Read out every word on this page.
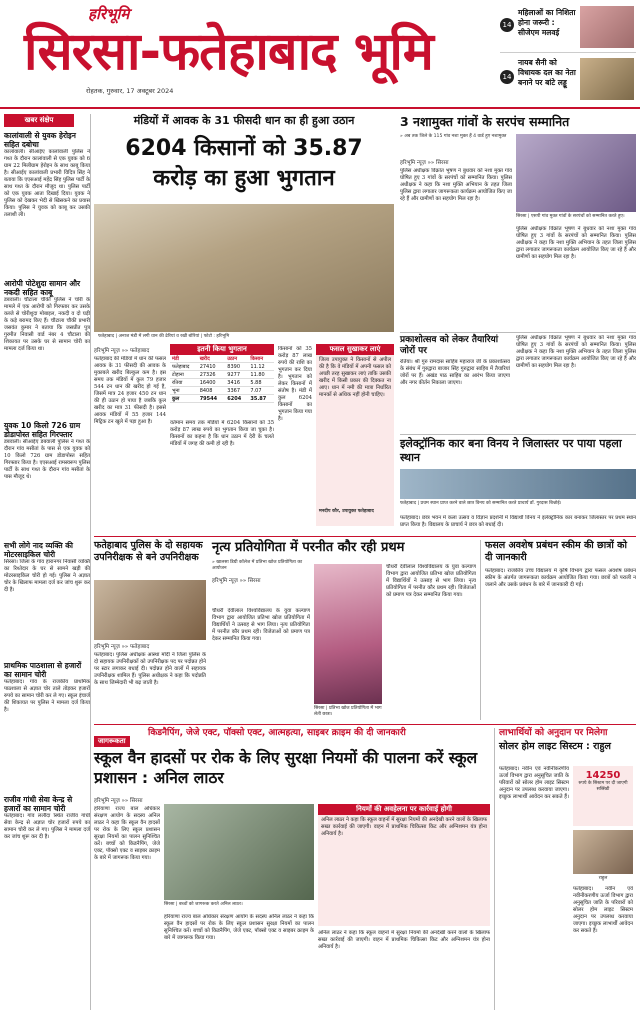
हरिभूमि
सिरसा-फतेहाबाद भूमि
रोहतक, गुरुवार, 17 अक्टूबर 2024
14
महिलाओं का निशिता होना जरूरी : सीजेएम मलवई
14
नायब सैनी को विधायक दल का नेता बनाने पर बांटे लड्डू
खबर संक्षेप
कालांवाली से युवक हेरोइन सहित दबोचा
कालांवाली। सीआईए कालांवाली पुलिस ने गश्त के दौरान कालांवाली से एक युवक को 6 ग्राम 22 मिलीग्राम हेरोइन के साथ काबू किया है। सीआईए कालांवाली प्रभारी विदित्र सिंह ने बताया कि एएसआई महेंद्र सिंह पुलिस पार्टी के साथ गश्त के दौरान मौजूद था। पुलिस पार्टी को एक युवक आता दिखाई दिया। युवक ने पुलिस को देखकर भेदी से खिसकने का प्रयास किया। पुलिस ने युवक को काबू कर उसकी तलाशी ली।
आरोपी पोटेशुदा सामान और नकदी सहित काबू
डबवाली। चौटाला चौकी पुलिस ने चोरी के मामले में एक आरोपी को गिरफ्तार कर उसके कब्जे से चोरीशुदा मोबाइल, नकदी व दो घड़ी के कड़े बरामद किए हैं। चौटाला चौकी प्रभारी जसवंत कुमार ने बताया कि जसप्रीत पुत्र गुरमीत निवासी वार्ड नंबर 4 चौटाला की शिकायत पर उसके घर से सामान चोरी का मामला दर्ज किया था।
युवक 10 किलो 726 ग्राम डोडापोस्त सहित गिरफ्तार
डबवाली। सीआईए डबवाली पुलिस ने गश्त के दौरान गांव मसीतां के पास से एक युवक को 10 किलो 726 ग्राम डोडापोस्त सहित गिरफ्तार किया है। एएसआई रामस्वरूप पुलिस पार्टी के साथ गश्त के दौरान गांव मसीतां के पास मौजूद थे।
सभी लोगे नाद व्यक्ति की मोटरसाइकिल चोरी
सिरसा। जिला के गांव हारानगर निवासी व्यक्ति का रिश्तेदार के घर से सामने खड़ी की मोटरसाइकिल चोरी हो गई। पुलिस ने अज्ञात चोर के खिलाफ मामला दर्ज कर जांच शुरू कर दी है।
प्राथमिक पाठशाला से हजारों का सामान चोरी
फतेहाबाद। गांव के राजकीय प्राथमिक पाठशाला से अज्ञात चोर ताले तोड़कर हजारों रुपये का सामान चोरी कर ले गए। स्कूल इंचार्ज की शिकायत पर पुलिस ने मामला दर्ज किया है।
राजीव गांधी सेवा केन्द्र से हजारों का सामान चोरी
फतेहाबाद। गांव ललौदा स्थित राजीव गांधी सेवा केन्द्र से अज्ञात चोर हजारों रुपये का सामान चोरी कर ले गए। पुलिस ने मामला दर्ज कर जांच शुरू कर दी है।
मंडियों में आवक के 31 फीसदी धान का ही हुआ उठान
6204 किसानों को 35.87 करोड़ का हुआ भुगतान
फतेहाबाद | अनाज मंडी में लगी धान की ढेरियां व रखी बोरियां | फोटो : हरिभूमि
हरिभूमि न्यूज़ »» फतेहाबाद
फतेहाबाद की मंडियों में धान की फसल आवक के 31 फीसदी की आवक के मुकाबले खरीद बिल्कुल कम है। इस समय तक मंडियों में कुल 79 हजार 544 टन धान की खरीद हो गई है, जिसमें मात्र 24 हजार 450 टन धान की ही उठान हो पाया है जबकि कुल खरीद का मात्र 31 फीसदी है। इससे आवक मंडियों में 55 हजार 144 मिट्रिक टन खुले में पड़ा हुआ है।
इतनी किया भुगतान
मंडी	खरीद	उठान	किसान
फतेहाबाद	27410	8390	11.12
टोहाना	27326	9277	11.80
रतिया	16400	3416	5.88
भूना	8408	3367	7.07
कुल	79544	6204	35.87
वर्तमान समय तक मंडियों में 6204 किसानों को 35 करोड़ 87 लाख रुपये का भुगतान किया जा चुका है। किसानों का कहना है कि धान उठान में देरी के चलते मंडियों में जगह की कमी हो रही है।
किसानों को 35 करोड़ 87 लाख रुपये की राशि का भुगतान कर दिया है। भुगतान को लेकर किसानों में संतोष है। मंडी में कुल 6204 किसानों का भुगतान किया गया है।
फसल सुखाकर लाएं
जिला उपायुक्त ने किसानों से अपील की है कि वे मंडियों में अपनी फसल को अच्छी तरह सुखाकर लाएं ताकि उसकी खरीद में किसी प्रकार की दिक्कत ना आए। धान में नमी की मात्रा निर्धारित मानकों से अधिक नहीं होनी चाहिए।
मनदीप कौर, उपायुक्त फतेहाबाद
3 नशामुक्त गांवों के सरपंच सम्मानित
» अब तक जिले के 115 गांव नशा मुक्त हैं 4 वार्ड हुए नशामुक्त
हरिभूमि न्यूज़ »» सिरसा
पुलिस अधीक्षक विक्रांत भूषण ने बुधवार को नशा मुक्त गांव घोषित हुए 3 गांवों के सरपंचों को सम्मानित किया। पुलिस अधीक्षक ने कहा कि नशा मुक्ति अभियान के तहत जिला पुलिस द्वारा लगातार जागरूकता कार्यक्रम आयोजित किए जा रहे हैं और ग्रामीणों का सहयोग मिल रहा है।
सिरसा | एसपी गांव मुक्त गांवों के सरपंचों को सम्मानित करते हुए।
पुलिस अधीक्षक विक्रांत भूषण ने बुधवार को नशा मुक्त गांव घोषित हुए 3 गांवों के सरपंचों को सम्मानित किया। पुलिस अधीक्षक ने कहा कि नशा मुक्ति अभियान के तहत जिला पुलिस द्वारा लगातार जागरूकता कार्यक्रम आयोजित किए जा रहे हैं और ग्रामीणों का सहयोग मिल रहा है।
प्रकाशोत्सव को लेकर तैयारियां जोरों पर
रतिया। श्री गुरु रामदास साहिब महाराज जी के प्रकाशोत्सव के संबंध में गुरुद्वारा बाजार सिंह गुरुद्वारा साहिब में तैयारियां जोरों पर हैं। अखंड पाठ साहिब का आरंभ किया जाएगा और नगर कीर्तन निकाला जाएगा।
पुलिस अधीक्षक विक्रांत भूषण ने बुधवार को नशा मुक्त गांव घोषित हुए 3 गांवों के सरपंचों को सम्मानित किया। पुलिस अधीक्षक ने कहा कि नशा मुक्ति अभियान के तहत जिला पुलिस द्वारा लगातार जागरूकता कार्यक्रम आयोजित किए जा रहे हैं और ग्रामीणों का सहयोग मिल रहा है।
इलेक्ट्रॉनिक कार बना विनय ने जिलास्तर पर पाया पहला स्थान
फतेहाबाद | प्रथम स्थान प्राप्त करने वाले छात्र विनय को सम्मानित करते प्राचार्य डॉ. गुरदास बिश्नोई।
फतेहाबाद। छात्र भवन में कला उत्सव व विज्ञान प्रदर्शनी में विद्यार्थी विनय ने इलेक्ट्रॉनिक कार बनाकर जिलास्तर पर प्रथम स्थान प्राप्त किया है। विद्यालय के प्राचार्य ने छात्र को बधाई दी।
फतेहाबाद पुलिस के दो सहायक उपनिरीक्षक से बने उपनिरीक्षक
हरिभूमि न्यूज़ »» फतेहाबाद
फतेहाबाद। पुलिस अधीक्षक आस्था मोदी ने जिला पुलिस के दो सहायक उपनिरीक्षकों को उपनिरीक्षक पद पर पदोन्नत होने पर स्टार लगाकर बधाई दी। पदोन्नत होने वालों में सहायक उपनिरीक्षक शामिल हैं। पुलिस अधीक्षक ने कहा कि पदोन्नति के साथ जिम्मेदारी भी बढ़ जाती है।
नृत्य प्रतियोगिता में परनीत कौर रही प्रथम
» खालसा डिग्री कॉलेज में प्रतिभा खोज प्रतियोगिता का आयोजन
हरिभूमि न्यूज़ »» सिरसा
चौधरी देवीलाल विश्वविद्यालय के युवा कल्याण विभाग द्वारा आयोजित प्रतिभा खोज प्रतियोगिता में विद्यार्थियों ने उत्साह से भाग लिया। नृत्य प्रतियोगिता में परनीत कौर प्रथम रही। विजेताओं को प्रमाण पत्र देकर सम्मानित किया गया।
सिरसा | प्रतिभा खोज प्रतियोगिता में भाग लेती छात्रा।
चौधरी देवीलाल विश्वविद्यालय के युवा कल्याण विभाग द्वारा आयोजित प्रतिभा खोज प्रतियोगिता में विद्यार्थियों ने उत्साह से भाग लिया। नृत्य प्रतियोगिता में परनीत कौर प्रथम रही। विजेताओं को प्रमाण पत्र देकर सम्मानित किया गया।
फसल अवशेष प्रबंधन स्कीम की छात्रों को दी जानकारी
फतेहाबाद। राजकीय उच्च विद्यालय में कृषि विभाग द्वारा फसल अवशेष प्रबंधन स्कीम के अंतर्गत जागरूकता कार्यक्रम आयोजित किया गया। छात्रों को पराली न जलाने और उसके प्रबंधन के बारे में जानकारी दी गई।
जागरूकता
किडनैपिंग, जेजे एक्ट, पॉक्सो एक्ट, आत्महत्या, साइबर क्राइम की दी जानकारी
स्कूल वैन हादसों पर रोक के लिए सुरक्षा नियमों की पालना करें स्कूल प्रशासन : अनिल लाठर
हरिभूमि न्यूज़ »» सिरसा
हरियाणा राज्य बाल अधिकार संरक्षण आयोग के सदस्य अनिल लाठर ने कहा कि स्कूल वैन हादसों पर रोक के लिए स्कूल प्रशासन सुरक्षा नियमों का पालन सुनिश्चित करें। बच्चों को किडनैपिंग, जेजे एक्ट, पॉक्सो एक्ट व साइबर क्राइम के बारे में जागरूक किया गया।
सिरसा | बच्चों को जागरूक करते अनिल लाठर।
हरियाणा राज्य बाल अधिकार संरक्षण आयोग के सदस्य अनिल लाठर ने कहा कि स्कूल वैन हादसों पर रोक के लिए स्कूल प्रशासन सुरक्षा नियमों का पालन सुनिश्चित करें। बच्चों को किडनैपिंग, जेजे एक्ट, पॉक्सो एक्ट व साइबर क्राइम के बारे में जागरूक किया गया।
नियमों की अवहेलना पर कार्रवाई होगी
अनिल लाठर ने कहा कि स्कूल वाहनों में सुरक्षा नियमों की अनदेखी करने वालों के खिलाफ सख्त कार्रवाई की जाएगी। वाहन में प्राथमिक चिकित्सा किट और अग्निशमन यंत्र होना अनिवार्य है।
अनिल लाठर ने कहा कि स्कूल वाहनों में सुरक्षा नियमों की अनदेखी करने वालों के खिलाफ सख्त कार्रवाई की जाएगी। वाहन में प्राथमिक चिकित्सा किट और अग्निशमन यंत्र होना अनिवार्य है।
लाभार्थियों को अनुदान पर मिलेगा
सोलर होम लाइट सिस्टम : राहुल
फतेहाबाद। नवीन एवं नवीनीकरणीय ऊर्जा विभाग द्वारा अनुसूचित जाति के परिवारों को सोलर होम लाइट सिस्टम अनुदान पर उपलब्ध करवाया जाएगा। इच्छुक लाभार्थी आवेदन कर सकते हैं।
14250
रुपये के सिस्टम पर दी जाएगी सब्सिडी
राहुल
फतेहाबाद। नवीन एवं नवीनीकरणीय ऊर्जा विभाग द्वारा अनुसूचित जाति के परिवारों को सोलर होम लाइट सिस्टम अनुदान पर उपलब्ध करवाया जाएगा। इच्छुक लाभार्थी आवेदन कर सकते हैं।
